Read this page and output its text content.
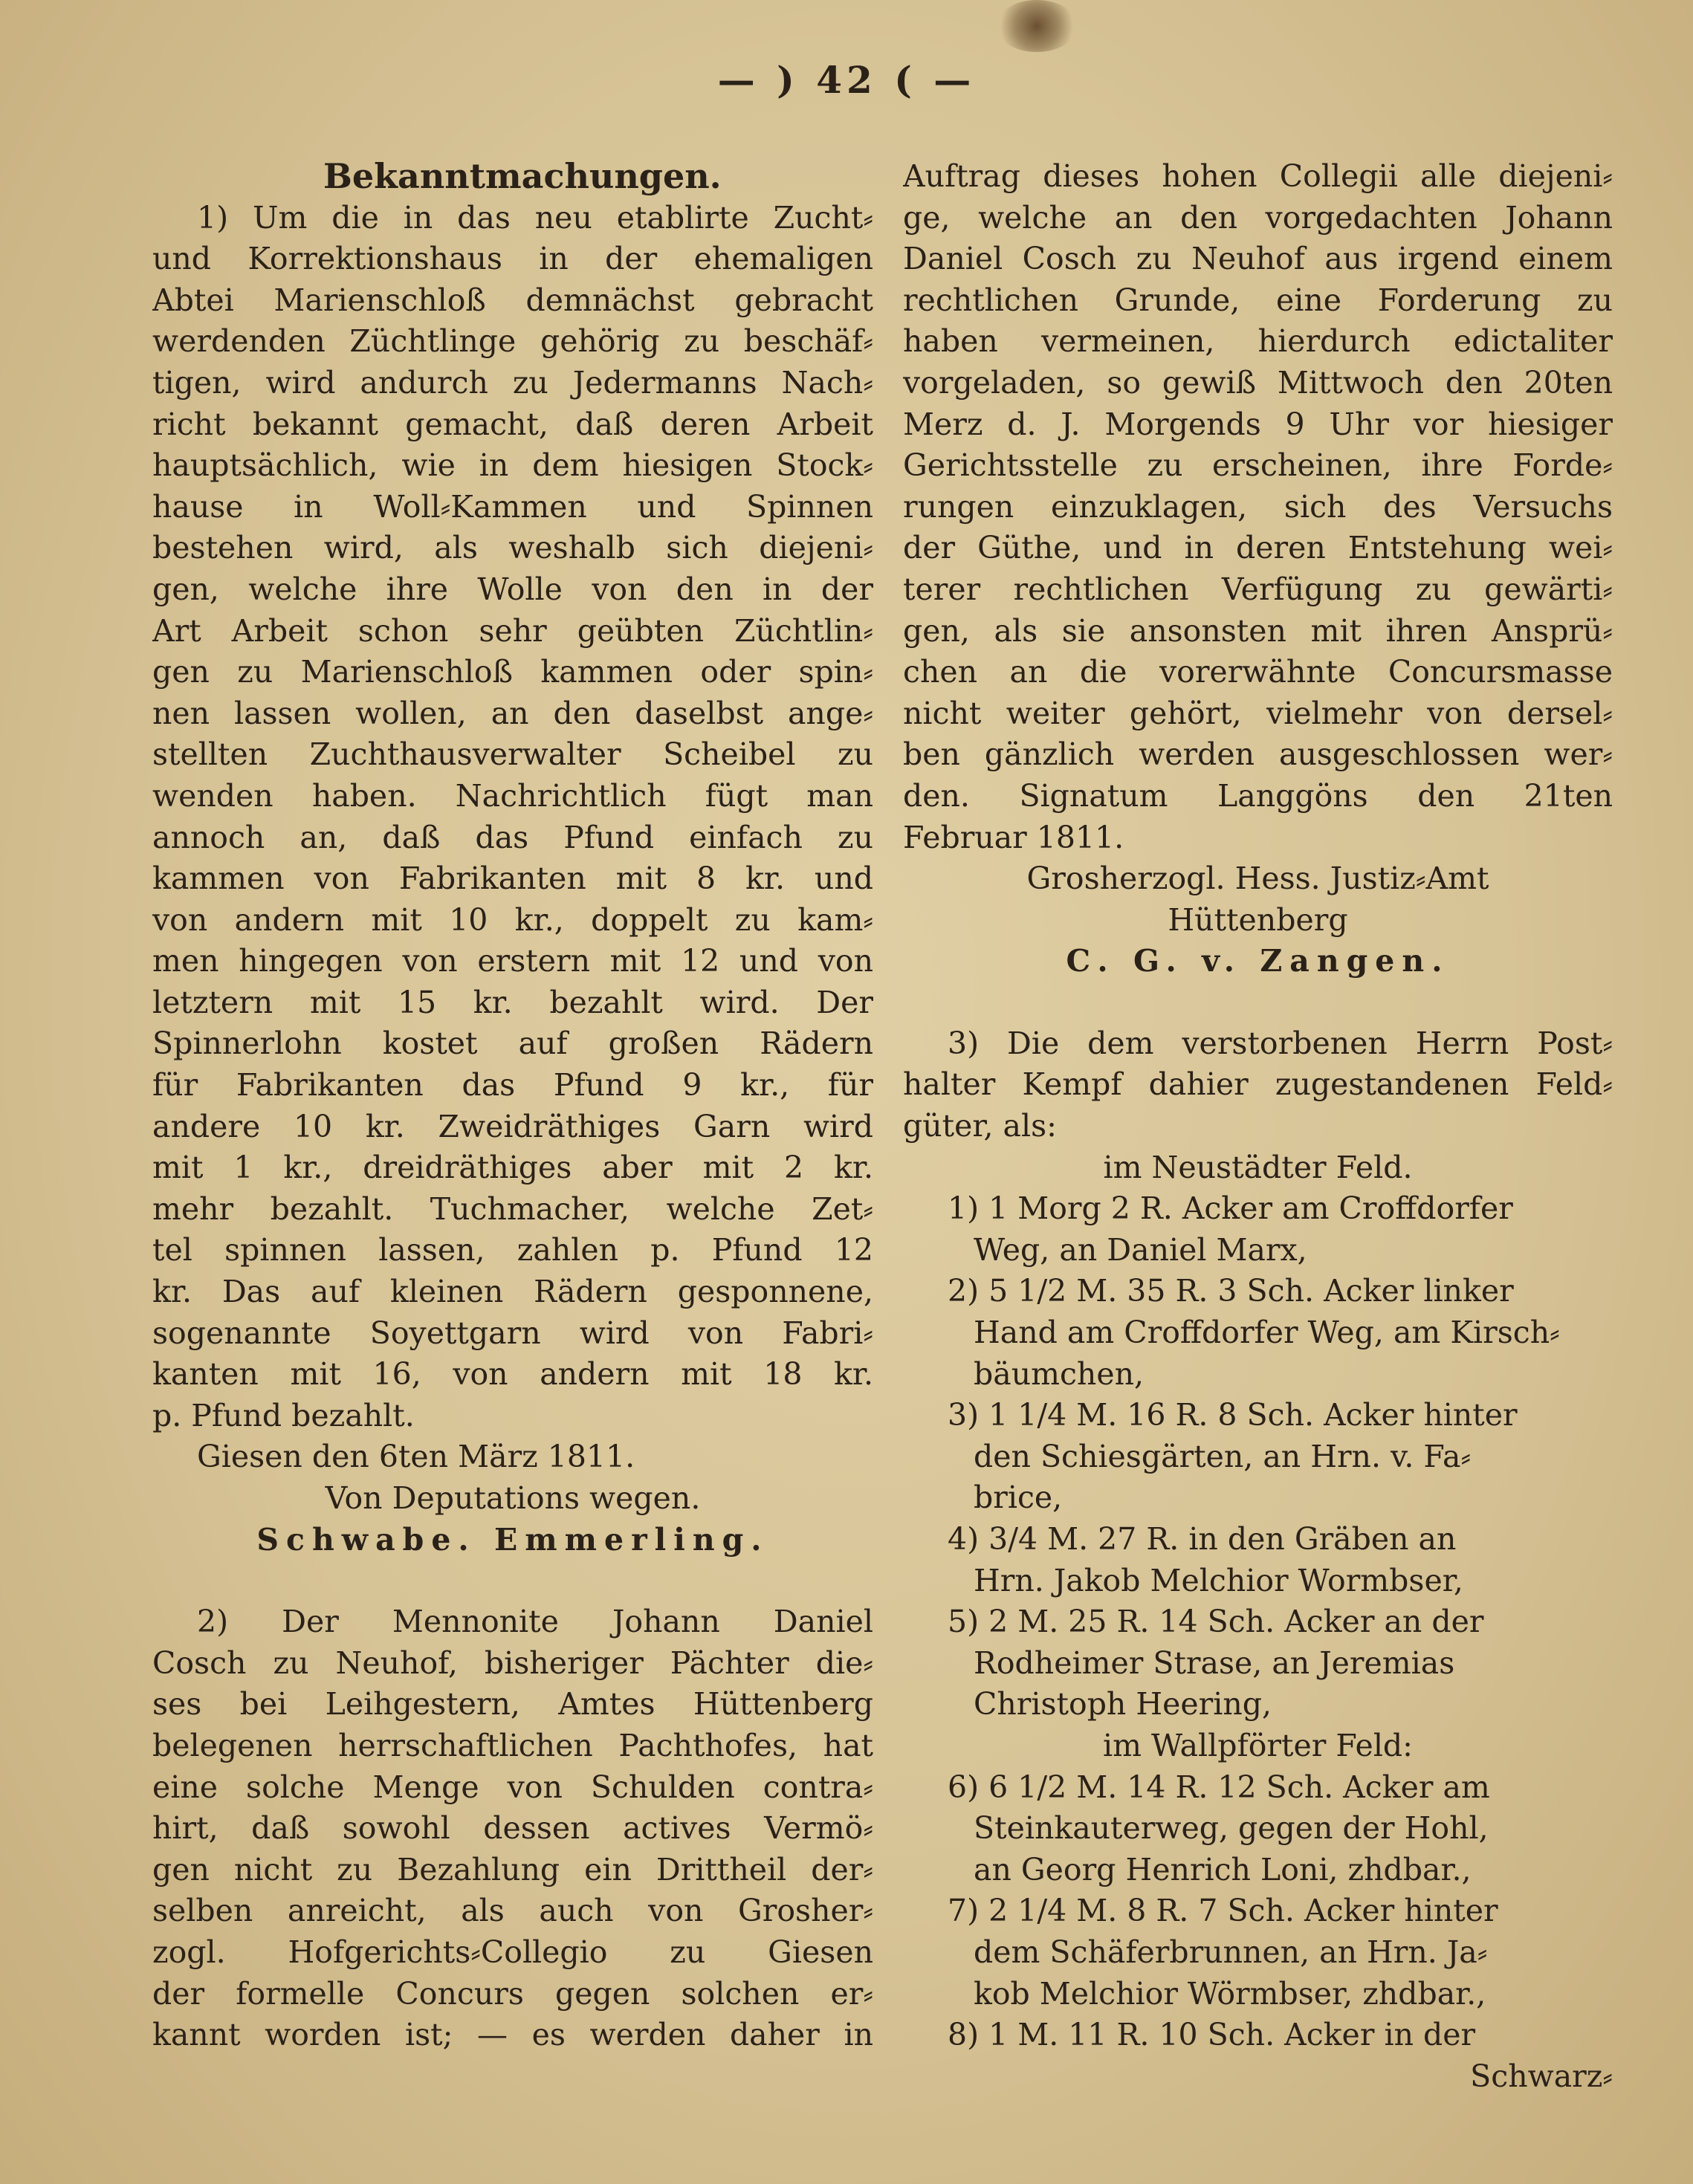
— ) 42 ( —
Bekanntmachungen.
1) Um die in das neu etablirte Zucht⸗
und Korrektionshaus in der ehemaligen
Abtei Marienschloß demnächst gebracht
werdenden Züchtlinge gehörig zu beschäf⸗
tigen, wird andurch zu Jedermanns Nach⸗
richt bekannt gemacht, daß deren Arbeit
hauptsächlich, wie in dem hiesigen Stock⸗
hause in Woll⸗Kammen und Spinnen
bestehen wird, als weshalb sich diejeni⸗
gen, welche ihre Wolle von den in der
Art Arbeit schon sehr geübten Züchtlin⸗
gen zu Marienschloß kammen oder spin⸗
nen lassen wollen, an den daselbst ange⸗
stellten Zuchthausverwalter Scheibel zu
wenden haben. Nachrichtlich fügt man
annoch an, daß das Pfund einfach zu
kammen von Fabrikanten mit 8 kr. und
von andern mit 10 kr., doppelt zu kam⸗
men hingegen von erstern mit 12 und von
letztern mit 15 kr. bezahlt wird. Der
Spinnerlohn kostet auf großen Rädern
für Fabrikanten das Pfund 9 kr., für
andere 10 kr. Zweidräthiges Garn wird
mit 1 kr., dreidräthiges aber mit 2 kr.
mehr bezahlt. Tuchmacher, welche Zet⸗
tel spinnen lassen, zahlen p. Pfund 12
kr. Das auf kleinen Rädern gesponnene,
sogenannte Soyettgarn wird von Fabri⸗
kanten mit 16, von andern mit 18 kr.
p. Pfund bezahlt.
Giesen den 6ten März 1811.
Von Deputations wegen.
Schwabe. Emmerling.
2) Der Mennonite Johann Daniel
Cosch zu Neuhof, bisheriger Pächter die⸗
ses bei Leihgestern, Amtes Hüttenberg
belegenen herrschaftlichen Pachthofes, hat
eine solche Menge von Schulden contra⸗
hirt, daß sowohl dessen actives Vermö⸗
gen nicht zu Bezahlung ein Drittheil der⸗
selben anreicht, als auch von Grosher⸗
zogl. Hofgerichts⸗Collegio zu Giesen
der formelle Concurs gegen solchen er⸗
kannt worden ist; — es werden daher in
Auftrag dieses hohen Collegii alle diejeni⸗
ge, welche an den vorgedachten Johann
Daniel Cosch zu Neuhof aus irgend einem
rechtlichen Grunde, eine Forderung zu
haben vermeinen, hierdurch edictaliter
vorgeladen, so gewiß Mittwoch den 20ten
Merz d. J. Morgends 9 Uhr vor hiesiger
Gerichtsstelle zu erscheinen, ihre Forde⸗
rungen einzuklagen, sich des Versuchs
der Güthe, und in deren Entstehung wei⸗
terer rechtlichen Verfügung zu gewärti⸗
gen, als sie ansonsten mit ihren Ansprü⸗
chen an die vorerwähnte Concursmasse
nicht weiter gehört, vielmehr von dersel⸗
ben gänzlich werden ausgeschlossen wer⸗
den. Signatum Langgöns den 21ten
Februar 1811.
Grosherzogl. Hess. Justiz⸗Amt
Hüttenberg
C. G. v. Zangen.
3) Die dem verstorbenen Herrn Post⸗
halter Kempf dahier zugestandenen Feld⸗
güter, als:
im Neustädter Feld.
1) 1 Morg 2 R. Acker am Croffdorfer
Weg, an Daniel Marx,
2) 5 1/2 M. 35 R. 3 Sch. Acker linker
Hand am Croffdorfer Weg, am Kirsch⸗
bäumchen,
3) 1 1/4 M. 16 R. 8 Sch. Acker hinter
den Schiesgärten, an Hrn. v. Fa⸗
brice,
4) 3/4 M. 27 R. in den Gräben an
Hrn. Jakob Melchior Wormbser,
5) 2 M. 25 R. 14 Sch. Acker an der
Rodheimer Strase, an Jeremias
Christoph Heering,
im Wallpförter Feld:
6) 6 1/2 M. 14 R. 12 Sch. Acker am
Steinkauterweg, gegen der Hohl,
an Georg Henrich Loni, zhdbar.,
7) 2 1/4 M. 8 R. 7 Sch. Acker hinter
dem Schäferbrunnen, an Hrn. Ja⸗
kob Melchior Wörmbser, zhdbar.,
8) 1 M. 11 R. 10 Sch. Acker in der
Schwarz⸗
